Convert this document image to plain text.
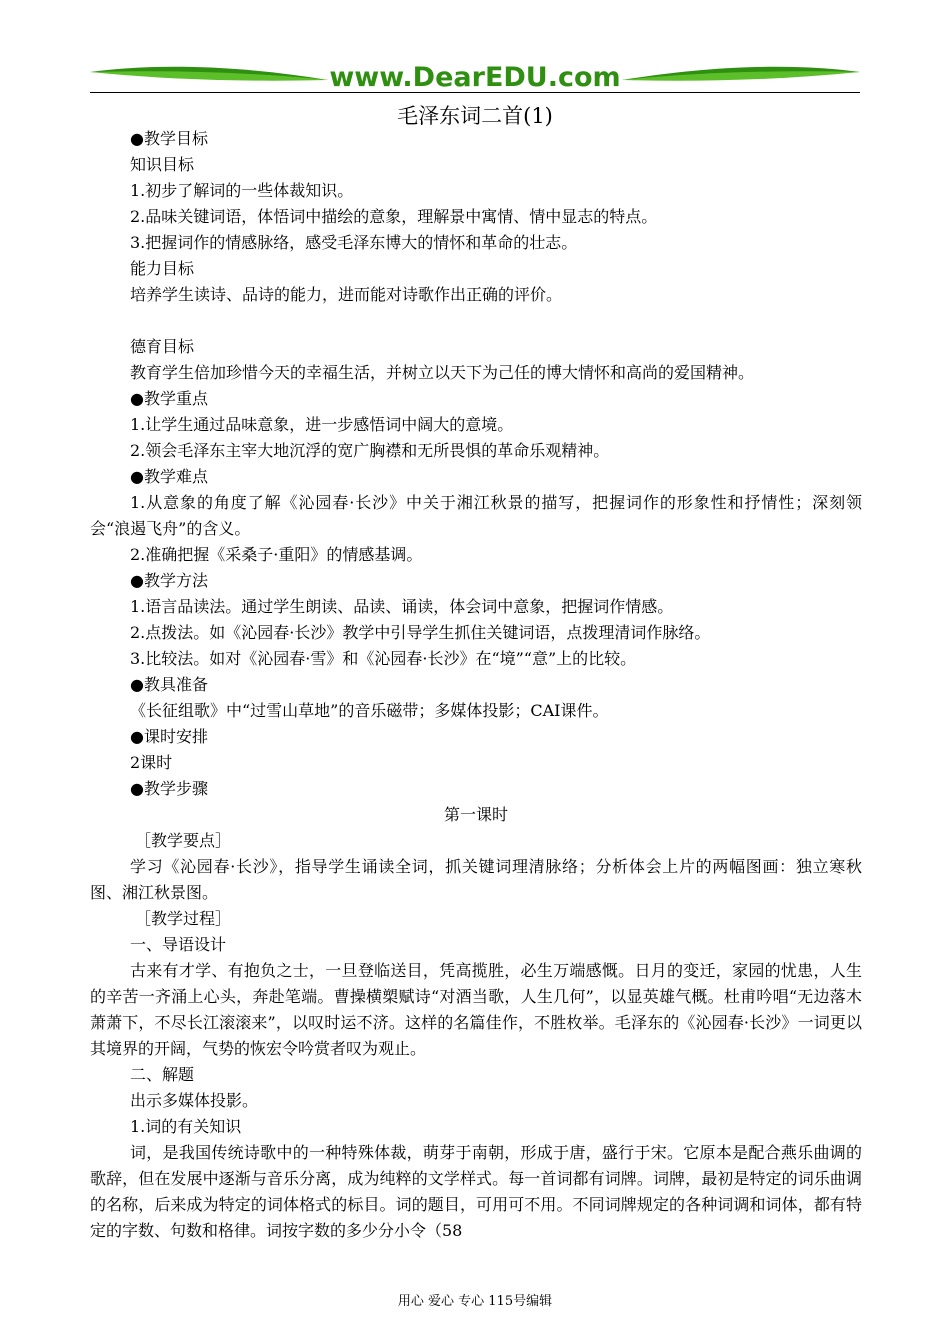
www.DearEDU.com
毛泽东词二首(1)
●教学目标
知识目标
1.初步了解词的一些体裁知识。
2.品味关键词语，体悟词中描绘的意象，理解景中寓情、情中显志的特点。
3.把握词作的情感脉络，感受毛泽东博大的情怀和革命的壮志。
能力目标
培养学生读诗、品诗的能力，进而能对诗歌作出正确的评价。
德育目标
教育学生倍加珍惜今天的幸福生活，并树立以天下为己任的博大情怀和高尚的爱国精神。
●教学重点
1.让学生通过品味意象，进一步感悟词中阔大的意境。
2.领会毛泽东主宰大地沉浮的宽广胸襟和无所畏惧的革命乐观精神。
●教学难点
1.从意象的角度了解《沁园春·长沙》中关于湘江秋景的描写，把握词作的形象性和抒情性；深刻领会“浪遏飞舟”的含义。
2.准确把握《采桑子·重阳》的情感基调。
●教学方法
1.语言品读法。通过学生朗读、品读、诵读，体会词中意象，把握词作情感。
2.点拨法。如《沁园春·长沙》教学中引导学生抓住关键词语，点拨理清词作脉络。
3.比较法。如对《沁园春·雪》和《沁园春·长沙》在“境”“意”上的比较。
●教具准备
《长征组歌》中“过雪山草地”的音乐磁带；多媒体投影；CAI课件。
●课时安排
2课时
●教学步骤
第一课时
［教学要点］
学习《沁园春·长沙》，指导学生诵读全词，抓关键词理清脉络；分析体会上片的两幅图画：独立寒秋图、湘江秋景图。
［教学过程］
一、导语设计
古来有才学、有抱负之士，一旦登临送目，凭高揽胜，必生万端感慨。日月的变迁，家园的忧患，人生的辛苦一齐涌上心头，奔赴笔端。曹操横槊赋诗“对酒当歌，人生几何”，以显英雄气概。杜甫吟唱“无边落木萧萧下，不尽长江滚滚来”，以叹时运不济。这样的名篇佳作，不胜枚举。毛泽东的《沁园春·长沙》一词更以其境界的开阔，气势的恢宏令吟赏者叹为观止。
二、解题
出示多媒体投影。
1.词的有关知识
词，是我国传统诗歌中的一种特殊体裁，萌芽于南朝，形成于唐，盛行于宋。它原本是配合燕乐曲调的歌辞，但在发展中逐渐与音乐分离，成为纯粹的文学样式。每一首词都有词牌。词牌，最初是特定的词乐曲调的名称，后来成为特定的词体格式的标目。词的题目，可用可不用。不同词牌规定的各种词调和词体，都有特定的字数、句数和格律。词按字数的多少分小令（58
用心 爱心 专心 115号编辑
